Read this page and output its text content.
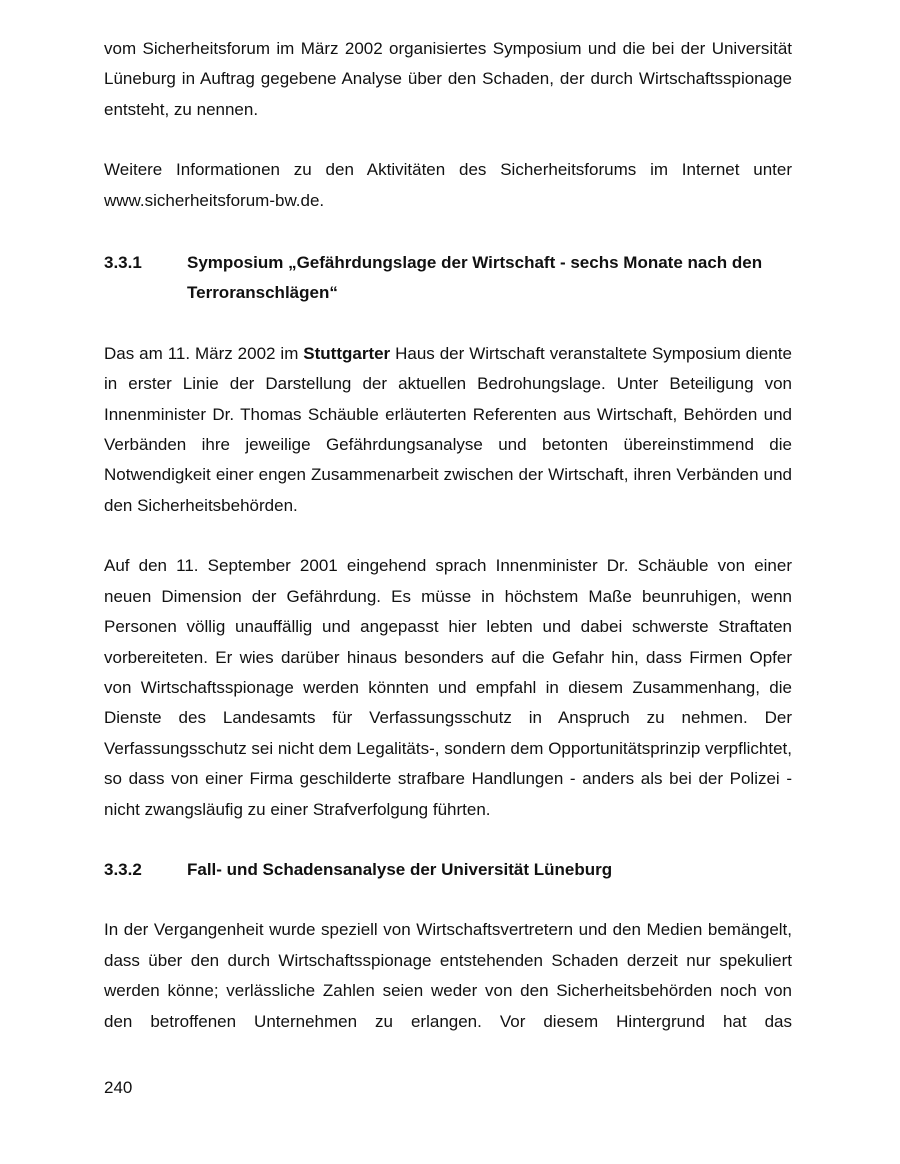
vom Sicherheitsforum im März 2002 organisiertes Symposium und die bei der Universität Lüneburg in Auftrag gegebene Analyse über den Schaden, der durch Wirtschaftsspionage entsteht, zu nennen.

Weitere Informationen zu den Aktivitäten des Sicherheitsforums im Internet unter www.sicherheitsforum-bw.de.

3.3.1	Symposium „Gefährdungslage der Wirtschaft - sechs Monate nach den Terroranschlägen“

Das am 11. März 2002 im Stuttgarter Haus der Wirtschaft veranstaltete Symposium diente in erster Linie der Darstellung der aktuellen Bedrohungslage. Unter Beteiligung von Innenminister Dr. Thomas Schäuble erläuterten Referenten aus Wirtschaft, Behörden und Verbänden ihre jeweilige Gefährdungsanalyse und betonten übereinstimmend die Notwendigkeit einer engen Zusammenarbeit zwischen der Wirtschaft, ihren Verbänden und den Sicherheitsbehörden.

Auf den 11. September 2001 eingehend sprach Innenminister Dr. Schäuble von einer neuen Dimension der Gefährdung. Es müsse in höchstem Maße beunruhigen, wenn Personen völlig unauffällig und angepasst hier lebten und dabei schwerste Straftaten vorbereiteten. Er wies darüber hinaus besonders auf die Gefahr hin, dass Firmen Opfer von Wirtschaftsspionage werden könnten und empfahl in diesem Zusammenhang, die Dienste des Landesamts für Verfassungsschutz in Anspruch zu nehmen. Der Verfassungsschutz sei nicht dem Legalitäts-, sondern dem Opportunitätsprinzip verpflichtet, so dass von einer Firma geschilderte strafbare Handlungen - anders als bei der Polizei - nicht zwangsläufig zu einer Strafverfolgung führten.

3.3.2	Fall- und Schadensanalyse der Universität Lüneburg

In der Vergangenheit wurde speziell von Wirtschaftsvertretern und den Medien bemängelt, dass über den durch Wirtschaftsspionage entstehenden Schaden derzeit nur spekuliert werden könne; verlässliche Zahlen seien weder von den Sicherheitsbehörden noch von den betroffenen Unternehmen zu erlangen. Vor diesem Hintergrund hat das

240
